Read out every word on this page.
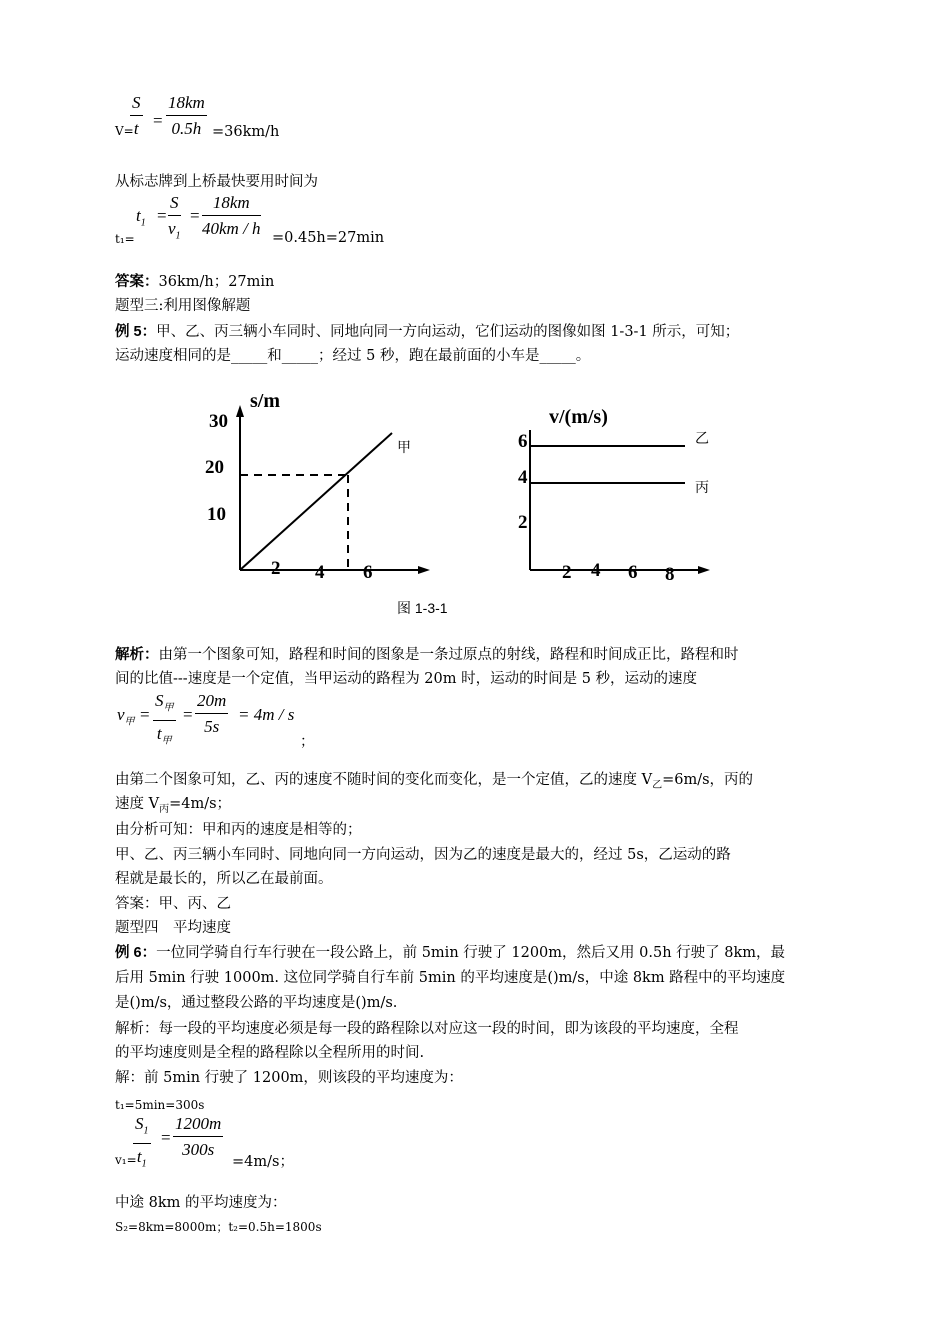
$\frac{S}{t} = \frac{18km}{0.5h}$
V=	=36km/h
从标志牌到上桥最快要用时间为
$t_1 = \frac{S}{v_1} = \frac{18km}{40km / h}$
t₁=	=0.45h=27min
答案：36km/h；27min
题型三:利用图像解题
例 5：甲、乙、丙三辆小车同时、同地向同一方向运动，它们运动的图像如图 1-3-1 所示，可知；
运动速度相同的是_____和_____；经过 5 秒，跑在最前面的小车是_____。
s/m
30
20
10
2 4 6
甲
v/(m/s)
6
4
2
2 4 6 8
乙
丙
图 1-3-1
解析：由第一个图象可知，路程和时间的图象是一条过原点的射线，路程和时间成正比，路程和时
间的比值---速度是一个定值，当甲运动的路程为 20m 时，运动的时间是 5 秒，运动的速度
$v_甲$ =
$S_甲$
$t_甲$
= $\frac{20m}{5s} = 4m / s$
；
由第二个图象可知，乙、丙的速度不随时间的变化而变化，是一个定值，乙的速度 $V_乙=6m/s$，丙的
速度 $V_丙=4m/s$；
由分析可知：甲和丙的速度是相等的；
甲、乙、丙三辆小车同时、同地向同一方向运动，因为乙的速度是最大的，经过 5s，乙运动的路
程就是最长的，所以乙在最前面。
答案：甲、丙、乙
题型四　平均速度
例 6：一位同学骑自行车行驶在一段公路上，前 5min 行驶了 1200m，然后又用 0.5h 行驶了 8km，最
后用 5min 行驶 1000m. 这位同学骑自行车前 5min 的平均速度是()m/s，中途 8km 路程中的平均速度
是()m/s，通过整段公路的平均速度是()m/s.
解析：每一段的平均速度必须是每一段的路程除以对应这一段的时间，即为该段的平均速度，全程
的平均速度则是全程的路程除以全程所用的时间.
解：前 5min 行驶了 1200m，则该段的平均速度为：
t₁=5min=300s
$\frac{S_1}{t_1} = \frac{1200m}{300s}$
v₁=	=4m/s；
中途 8km 的平均速度为：
S₂=8km=8000m；t₂=0.5h=1800s
